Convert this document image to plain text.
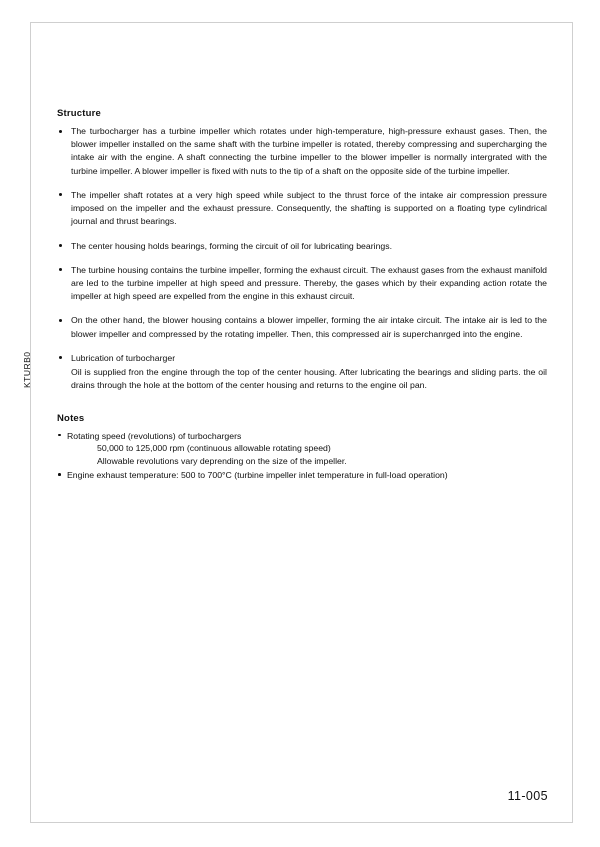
KTURB0
Structure
The turbocharger has a turbine impeller which rotates under high-temperature, high-pressure exhaust gases. Then, the blower impeller installed on the same shaft with the turbine impeller is rotated, thereby compressing and supercharging the intake air with the engine. A shaft connecting the turbine impeller to the blower impeller is normally intergrated with the turbine impeller. A blower impeller is fixed with nuts to the tip of a shaft on the opposite side of the turbine impeller.
The impeller shaft rotates at a very high speed while subject to the thrust force of the intake air compression pressure imposed on the impeller and the exhaust pressure. Consequently, the shafting is supported on a floating type cylindrical journal and thrust bearings.
The center housing holds bearings, forming the circuit of oil for lubricating bearings.
The turbine housing contains the turbine impeller, forming the exhaust circuit. The exhaust gases from the exhaust manifold are led to the turbine impeller at high speed and pressure. Thereby, the gases which by their expanding action rotate the impeller at high speed are expelled from the engine in this exhaust circuit.
On the other hand, the blower housing contains a blower impeller, forming the air intake circuit. The intake air is led to the blower impeller and compressed by the rotating impeller. Then, this compressed air is superchanrged into the engine.
Lubrication of turbocharger
Oil is supplied fron the engine through the top of the center housing. After lubricating the bearings and sliding parts. the oil drains through the hole at the bottom of the center housing and returns to the engine oil pan.
Notes
Rotating speed (revolutions) of turbochargers
50,000 to 125,000 rpm (continuous allowable rotating speed)
Allowable revolutions vary deprending on the size of the impeller.
Engine exhaust temperature: 500 to 700°C (turbine impeller inlet temperature in full-load operation)
11-005
